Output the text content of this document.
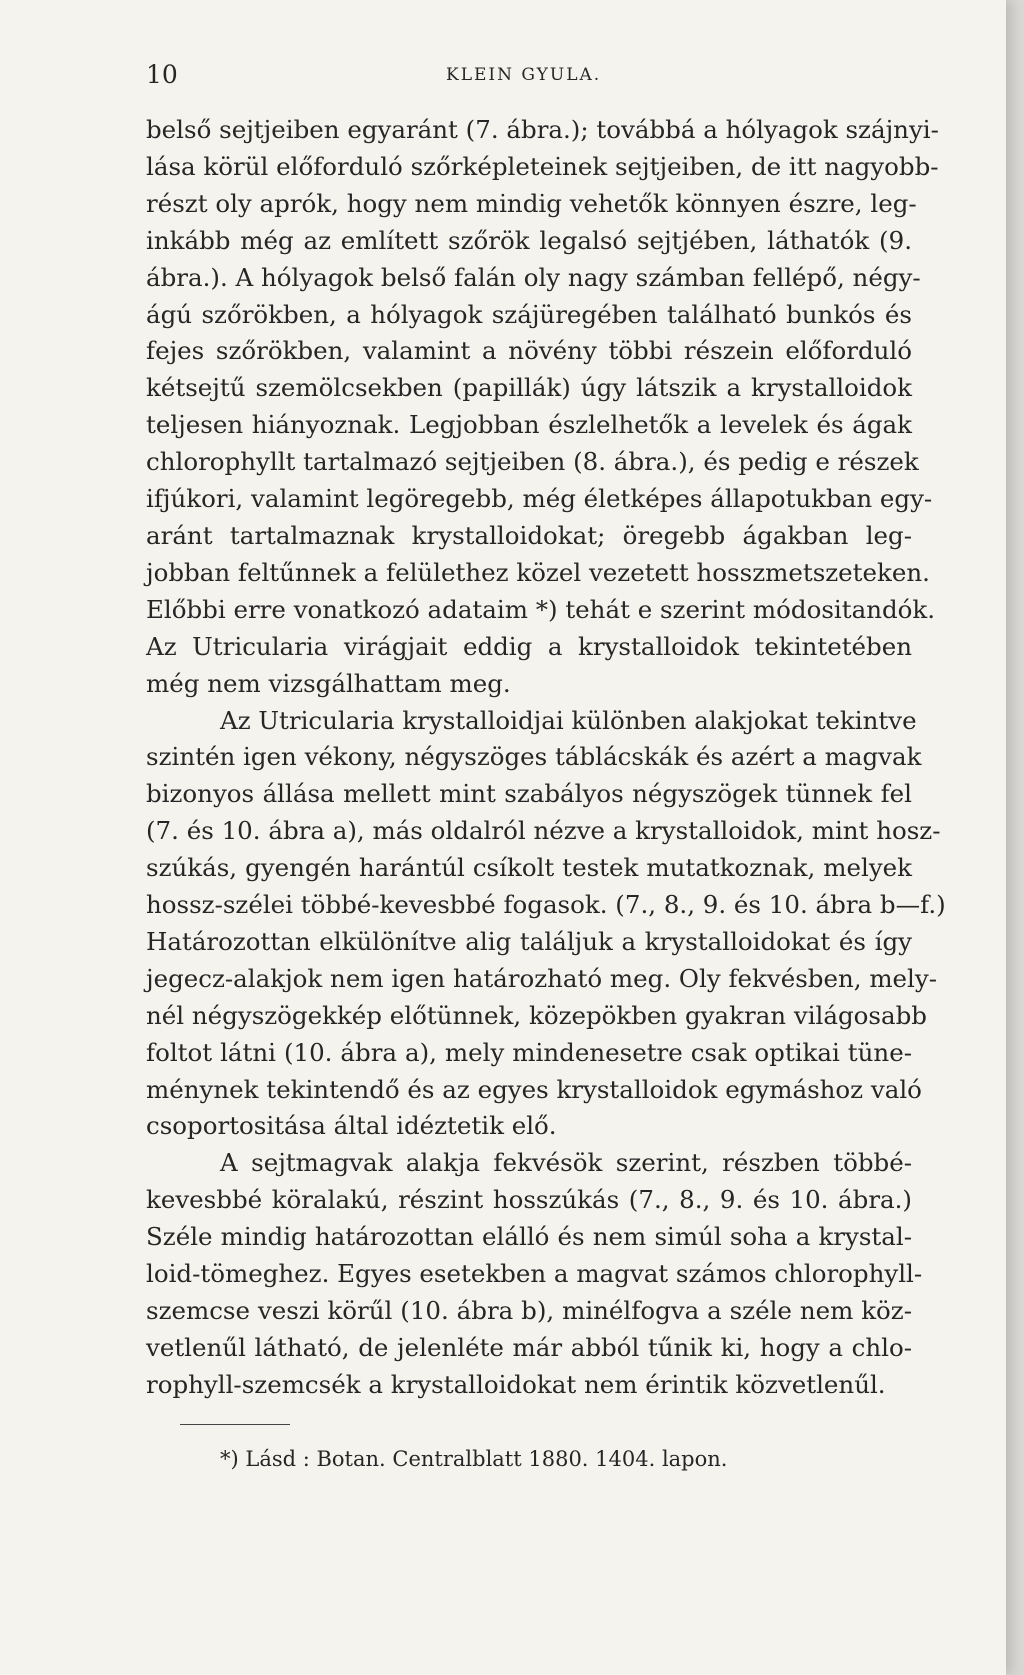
10	KLEIN GYULA.
belső sejtjeiben egyaránt (7. ábra.); továbbá a hólyagok szájnyi-
lása körül előforduló szőrképleteinek sejtjeiben, de itt nagyobb-
részt oly aprók, hogy nem mindig vehetők könnyen észre, leg-
inkább még az említett szőrök legalsó sejtjében, láthatók (9.
ábra.). A hólyagok belső falán oly nagy számban fellépő, négy-
ágú szőrökben, a hólyagok szájüregében található bunkós és
fejes szőrökben, valamint a növény többi részein előforduló
kétsejtű szemölcsekben (papillák) úgy látszik a krystalloidok
teljesen hiányoznak. Legjobban észlelhetők a levelek és ágak
chlorophyllt tartalmazó sejtjeiben (8. ábra.), és pedig e részek
ifjúkori, valamint legöregebb, még életképes állapotukban egy-
aránt tartalmaznak krystalloidokat; öregebb ágakban leg-
jobban feltűnnek a felülethez közel vezetett hosszmetszeteken.
Előbbi erre vonatkozó adataim *) tehát e szerint módositandók.
Az Utricularia virágjait eddig a krystalloidok tekintetében
még nem vizsgálhattam meg.
Az Utricularia krystalloidjai különben alakjokat tekintve
szintén igen vékony, négyszöges táblácskák és azért a magvak
bizonyos állása mellett mint szabályos négyszögek tünnek fel
(7. és 10. ábra a), más oldalról nézve a krystalloidok, mint hosz-
szúkás, gyengén harántúl csíkolt testek mutatkoznak, melyek
hossz-szélei többé-kevesbbé fogasok. (7., 8., 9. és 10. ábra b—f.)
Határozottan elkülönítve alig találjuk a krystalloidokat és így
jegecz-alakjok nem igen határozható meg. Oly fekvésben, mely-
nél négyszögekkép előtünnek, közepökben gyakran világosabb
foltot látni (10. ábra a), mely mindenesetre csak optikai tüne-
ménynek tekintendő és az egyes krystalloidok egymáshoz való
csoportositása által idéztetik elő.
A sejtmagvak alakja fekvésök szerint, részben többé-
kevesbbé köralakú, részint hosszúkás (7., 8., 9. és 10. ábra.)
Széle mindig határozottan elálló és nem simúl soha a krystal-
loid-tömeghez. Egyes esetekben a magvat számos chlorophyll-
szemcse veszi körűl (10. ábra b), minélfogva a széle nem köz-
vetlenűl látható, de jelenléte már abból tűnik ki, hogy a chlo-
rophyll-szemcsék a krystalloidokat nem érintik közvetlenűl.
*) Lásd : Botan. Centralblatt 1880. 1404. lapon.
